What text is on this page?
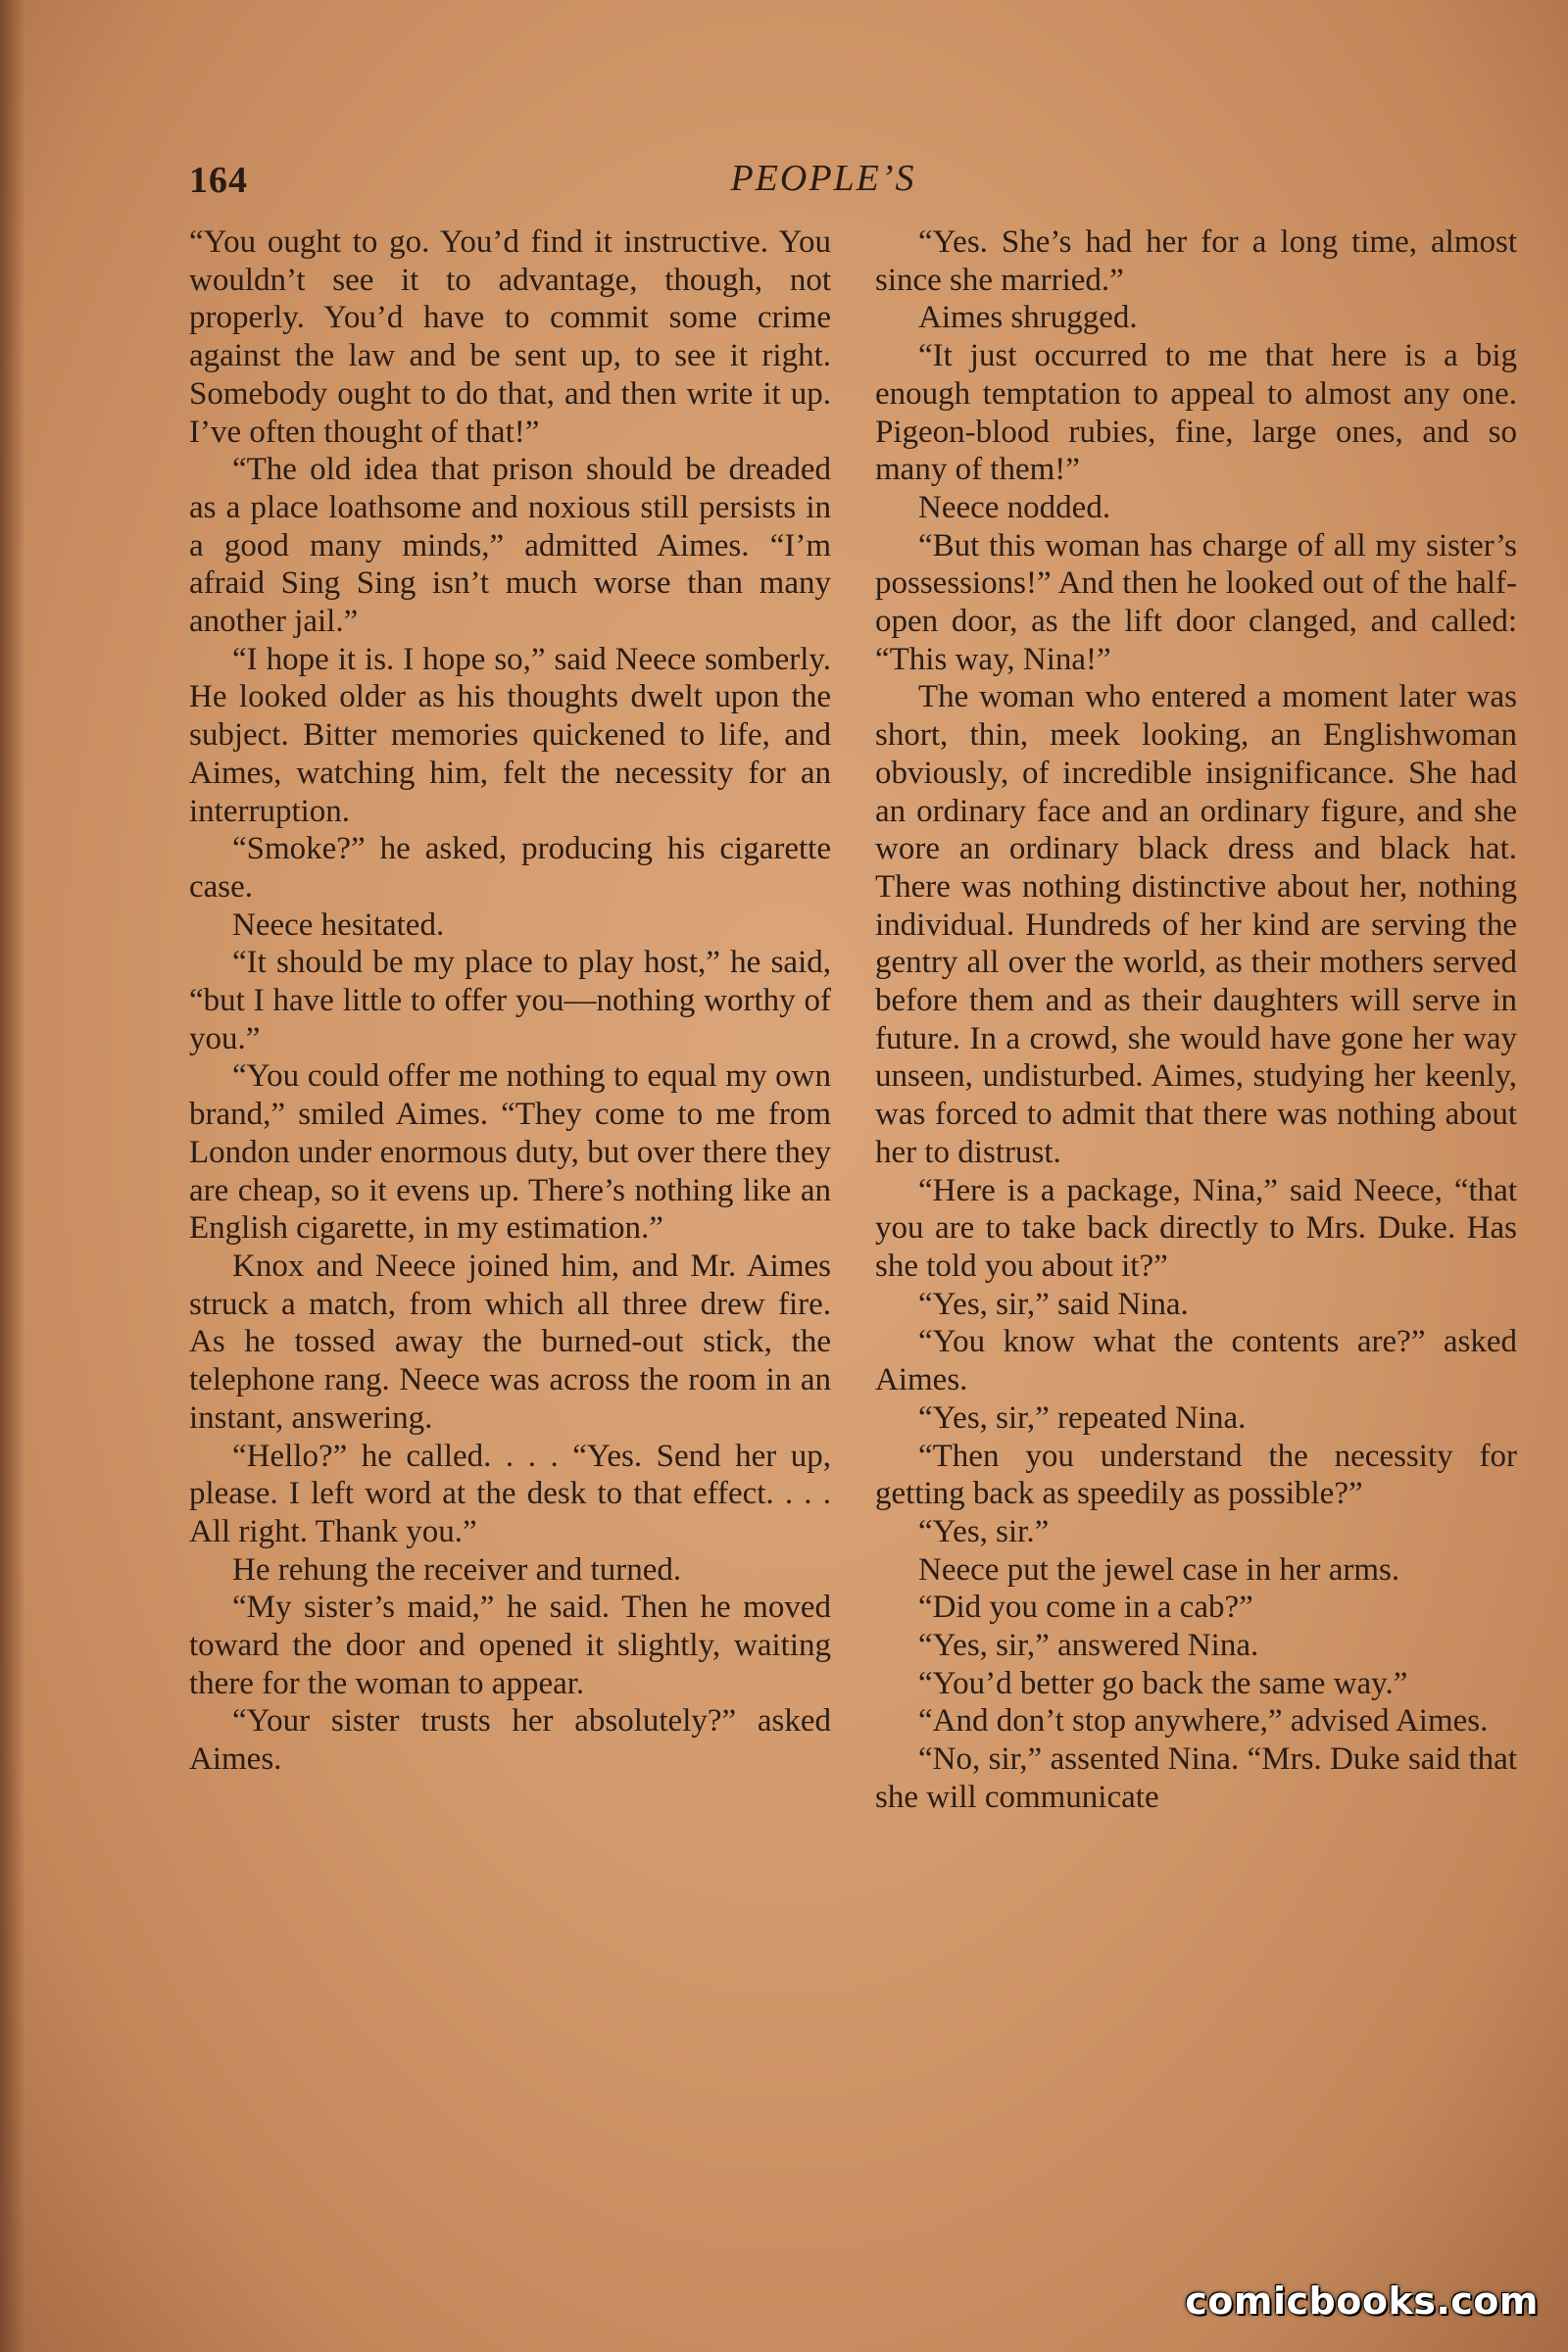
164	PEOPLE’S

“You ought to go. You’d find it instructive. You wouldn’t see it to advantage, though, not properly. You’d have to commit some crime against the law and be sent up, to see it right. Somebody ought to do that, and then write it up. I’ve often thought of that!”

“The old idea that prison should be dreaded as a place loathsome and noxious still persists in a good many minds,” admitted Aimes. “I’m afraid Sing Sing isn’t much worse than many another jail.”

“I hope it is. I hope so,” said Neece somberly. He looked older as his thoughts dwelt upon the subject. Bitter memories quickened to life, and Aimes, watching him, felt the necessity for an interruption.

“Smoke?” he asked, producing his cigarette case.

Neece hesitated.

“It should be my place to play host,” he said, “but I have little to offer you—nothing worthy of you.”

“You could offer me nothing to equal my own brand,” smiled Aimes. “They come to me from London under enormous duty, but over there they are cheap, so it evens up. There’s nothing like an English cigarette, in my estimation.”

Knox and Neece joined him, and Mr. Aimes struck a match, from which all three drew fire. As he tossed away the burned-out stick, the telephone rang. Neece was across the room in an instant, answering.

“Hello?” he called. . . . “Yes. Send her up, please. I left word at the desk to that effect. . . . All right. Thank you.”

He rehung the receiver and turned.

“My sister’s maid,” he said. Then he moved toward the door and opened it slightly, waiting there for the woman to appear.

“Your sister trusts her absolutely?” asked Aimes.

“Yes. She’s had her for a long time, almost since she married.”

Aimes shrugged.

“It just occurred to me that here is a big enough temptation to appeal to almost any one. Pigeon-blood rubies, fine, large ones, and so many of them!”

Neece nodded.

“But this woman has charge of all my sister’s possessions!” And then he looked out of the half-open door, as the lift door clanged, and called: “This way, Nina!”

The woman who entered a moment later was short, thin, meek looking, an Englishwoman obviously, of incredible insignificance. She had an ordinary face and an ordinary figure, and she wore an ordinary black dress and black hat. There was nothing distinctive about her, nothing individual. Hundreds of her kind are serving the gentry all over the world, as their mothers served before them and as their daughters will serve in future. In a crowd, she would have gone her way unseen, undisturbed. Aimes, studying her keenly, was forced to admit that there was nothing about her to distrust.

“Here is a package, Nina,” said Neece, “that you are to take back directly to Mrs. Duke. Has she told you about it?”

“Yes, sir,” said Nina.

“You know what the contents are?” asked Aimes.

“Yes, sir,” repeated Nina.

“Then you understand the necessity for getting back as speedily as possible?”

“Yes, sir.”

Neece put the jewel case in her arms.

“Did you come in a cab?”

“Yes, sir,” answered Nina.

“You’d better go back the same way.”

“And don’t stop anywhere,” advised Aimes.

“No, sir,” assented Nina. “Mrs. Duke said that she will communicate

comicbooks.com
